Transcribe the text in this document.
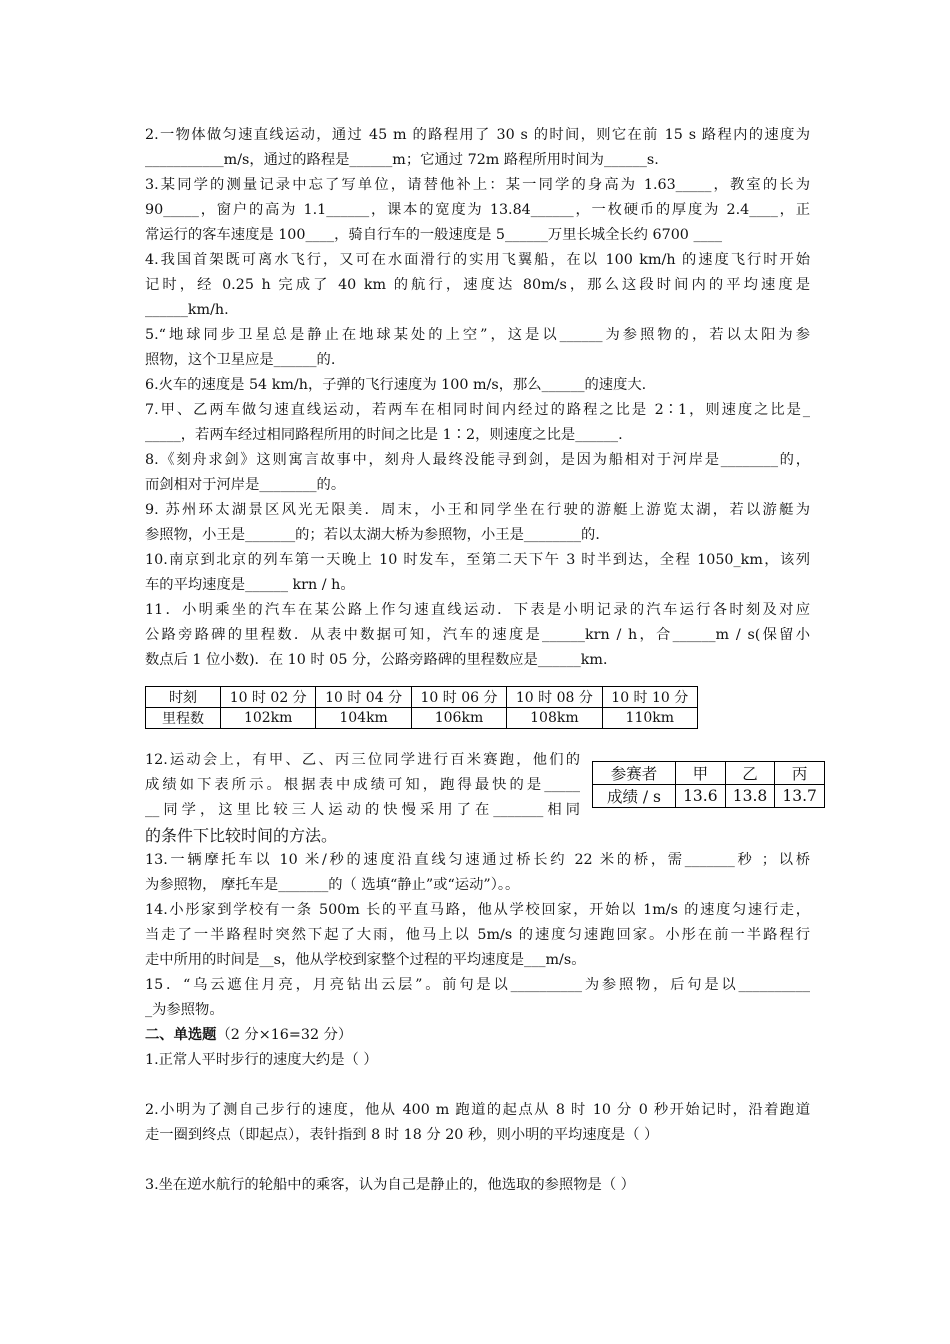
2.一物体做匀速直线运动，通过 45 m 的路程用了 30 s 的时间，则它在前 15 s 路程内的速度为
___________m/s，通过的路程是______m；它通过 72m 路程所用时间为______s.
3.某同学的测量记录中忘了写单位，请替他补上：某一同学的身高为 1.63_____，教室的长为
90_____，窗户的高为 1.1______，课本的宽度为 13.84______，一枚硬币的厚度为 2.4____，正
常运行的客车速度是 100____，骑自行车的一般速度是 5______万里长城全长约 6700 ____
4.我国首架既可离水飞行，又可在水面滑行的实用飞翼船，在以 100 km/h 的速度飞行时开始
记时，经 0.25 h 完成了 40 km 的航行，速度达 80m/s，那么这段时间内的平均速度是
______km/h.
5.“地球同步卫星总是静止在地球某处的上空”，这是以______为参照物的，若以太阳为参
照物，这个卫星应是______的.
6.火车的速度是 54 km/h，子弹的飞行速度为 100 m/s，那么______的速度大.
7.甲、乙两车做匀速直线运动，若两车在相同时间内经过的路程之比是 2∶1，则速度之比是_
_____，若两车经过相同路程所用的时间之比是 1∶2，则速度之比是______.
8.《刻舟求剑》这则寓言故事中，刻舟人最终没能寻到剑，是因为船相对于河岸是________的，
而剑相对于河岸是________的。
9. 苏州环太湖景区风光无限美．周末，小王和同学坐在行驶的游艇上游览太湖，若以游艇为
参照物，小王是_______的；若以太湖大桥为参照物，小王是________的．
10.南京到北京的列车第一天晚上 10 时发车，至第二天下午 3 时半到达，全程 1050_km，该列
车的平均速度是______ krn / h。
11．小明乘坐的汽车在某公路上作匀速直线运动．下表是小明记录的汽车运行各时刻及对应
公路旁路碑的里程数．从表中数据可知，汽车的速度是______krn / h，合______m / s(保留小
数点后 1 位小数)．在 10 时 05 分，公路旁路碑的里程数应是______km．
时刻	10 时 02 分	10 时 04 分	10 时 06 分	10 时 08 分	10 时 10 分
里程数	102km	104km	106km	108km	110km
12.运动会上，有甲、乙、丙三位同学进行百米赛跑，他们的
成绩如下表所示。根据表中成绩可知，跑得最快的是_____
__同学，这里比较三人运动的快慢采用了在_______相同
的条件下比较时间的方法。
参赛者	甲	乙	丙
成绩 / s	13.6	13.8	13.7
13.一辆摩托车以 10 米/秒的速度沿直线匀速通过桥长约 22 米的桥，需_______秒 ；以桥
为参照物， 摩托车是_______的（ 选填“静止”或“运动”）。。
14.小彤家到学校有一条 500m 长的平直马路，他从学校回家，开始以 1m/s 的速度匀速行走，
当走了一半路程时突然下起了大雨，他马上以 5m/s 的速度匀速跑回家。小彤在前一半路程行
走中所用的时间是__s，他从学校到家整个过程的平均速度是___m/s。
15．“乌云遮住月亮，月亮钻出云层”。前句是以__________为参照物，后句是以__________
_为参照物。
二、单选题（2 分×16=32 分）
1.正常人平时步行的速度大约是（ ）
2.小明为了测自己步行的速度，他从 400 m 跑道的起点从 8 时 10 分 0 秒开始记时，沿着跑道
走一圈到终点（即起点），表针指到 8 时 18 分 20 秒，则小明的平均速度是（ ）
3.坐在逆水航行的轮船中的乘客，认为自己是静止的，他选取的参照物是（ ）
